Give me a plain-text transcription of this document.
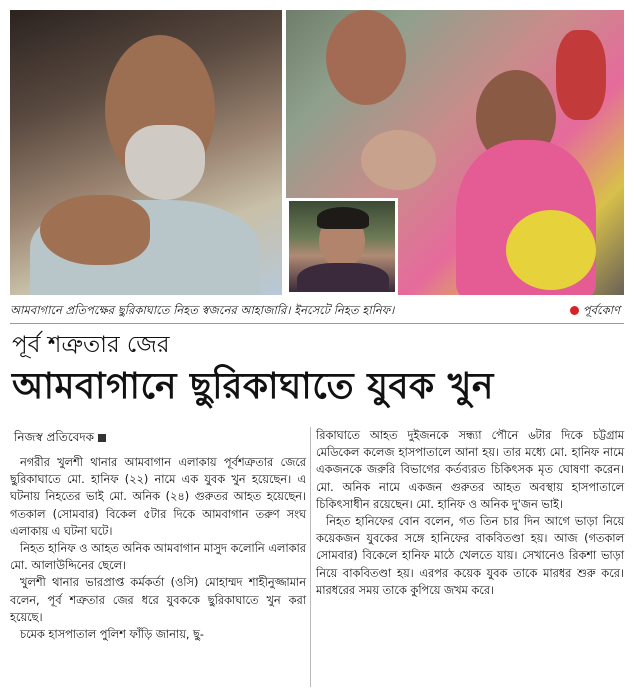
আমবাগানে প্রতিপক্ষের ছুরিকাঘাতে নিহত স্বজনের আহাজারি। ইনসেটে নিহত হানিফ।	পূর্বকোণ
পূর্ব শত্রুতার জের
আমবাগানে ছুরিকাঘাতে যুবক খুন
নিজস্ব প্রতিবেদক

নগরীর খুলশী থানার আমবাগান এলাকায় পূর্বশত্রুতার জেরে ছুরিকাঘাতে মো. হানিফ (২২) নামে এক যুবক খুন হয়েছেন। এ ঘটনায় নিহতের ভাই মো. অনিক (২৪) গুরুতর আহত হয়েছেন। গতকাল (সোমবার) বিকেল ৫টার দিকে আমবাগান তরুণ সংঘ এলাকায় এ ঘটনা ঘটে।

নিহত হানিফ ও আহত অনিক আমবাগান মাসুদ কলোনি এলাকার মো. আলাউদ্দিনের ছেলে।

খুলশী থানার ভারপ্রাপ্ত কর্মকর্তা (ওসি) মোহাম্মদ শাহীনুজ্জামান বলেন, পূর্ব শত্রুতার জের ধরে যুবককে ছুরিকাঘাতে খুন করা হয়েছে।

চমেক হাসপাতাল পুলিশ ফাঁড়ি জানায়, ছু-

রিকাঘাতে আহত দুইজনকে সন্ধ্যা পৌনে ৬টার দিকে চট্টগ্রাম মেডিকেল কলেজ হাসপাতালে আনা হয়। তার মধ্যে মো. হানিফ নামে একজনকে জরুরি বিভাগের কর্তব্যরত চিকিৎসক মৃত ঘোষণা করেন। মো. অনিক নামে একজন গুরুতর আহত অবস্থায় হাসপাতালে চিকিৎসাধীন রয়েছেন। মো. হানিফ ও অনিক দু'জন ভাই।

নিহত হানিফের বোন বলেন, গত তিন চার দিন আগে ভাড়া নিয়ে কয়েকজন যুবকের সঙ্গে হানিফের বাকবিতণ্ডা হয়। আজ (গতকাল সোমবার) বিকেলে হানিফ মাঠে খেলতে যায়। সেখানেও রিকশা ভাড়া নিয়ে বাকবিতণ্ডা হয়। এরপর কয়েক যুবক তাকে মারধর শুরু করে। মারধরের সময় তাকে কুপিয়ে জখম করে।
